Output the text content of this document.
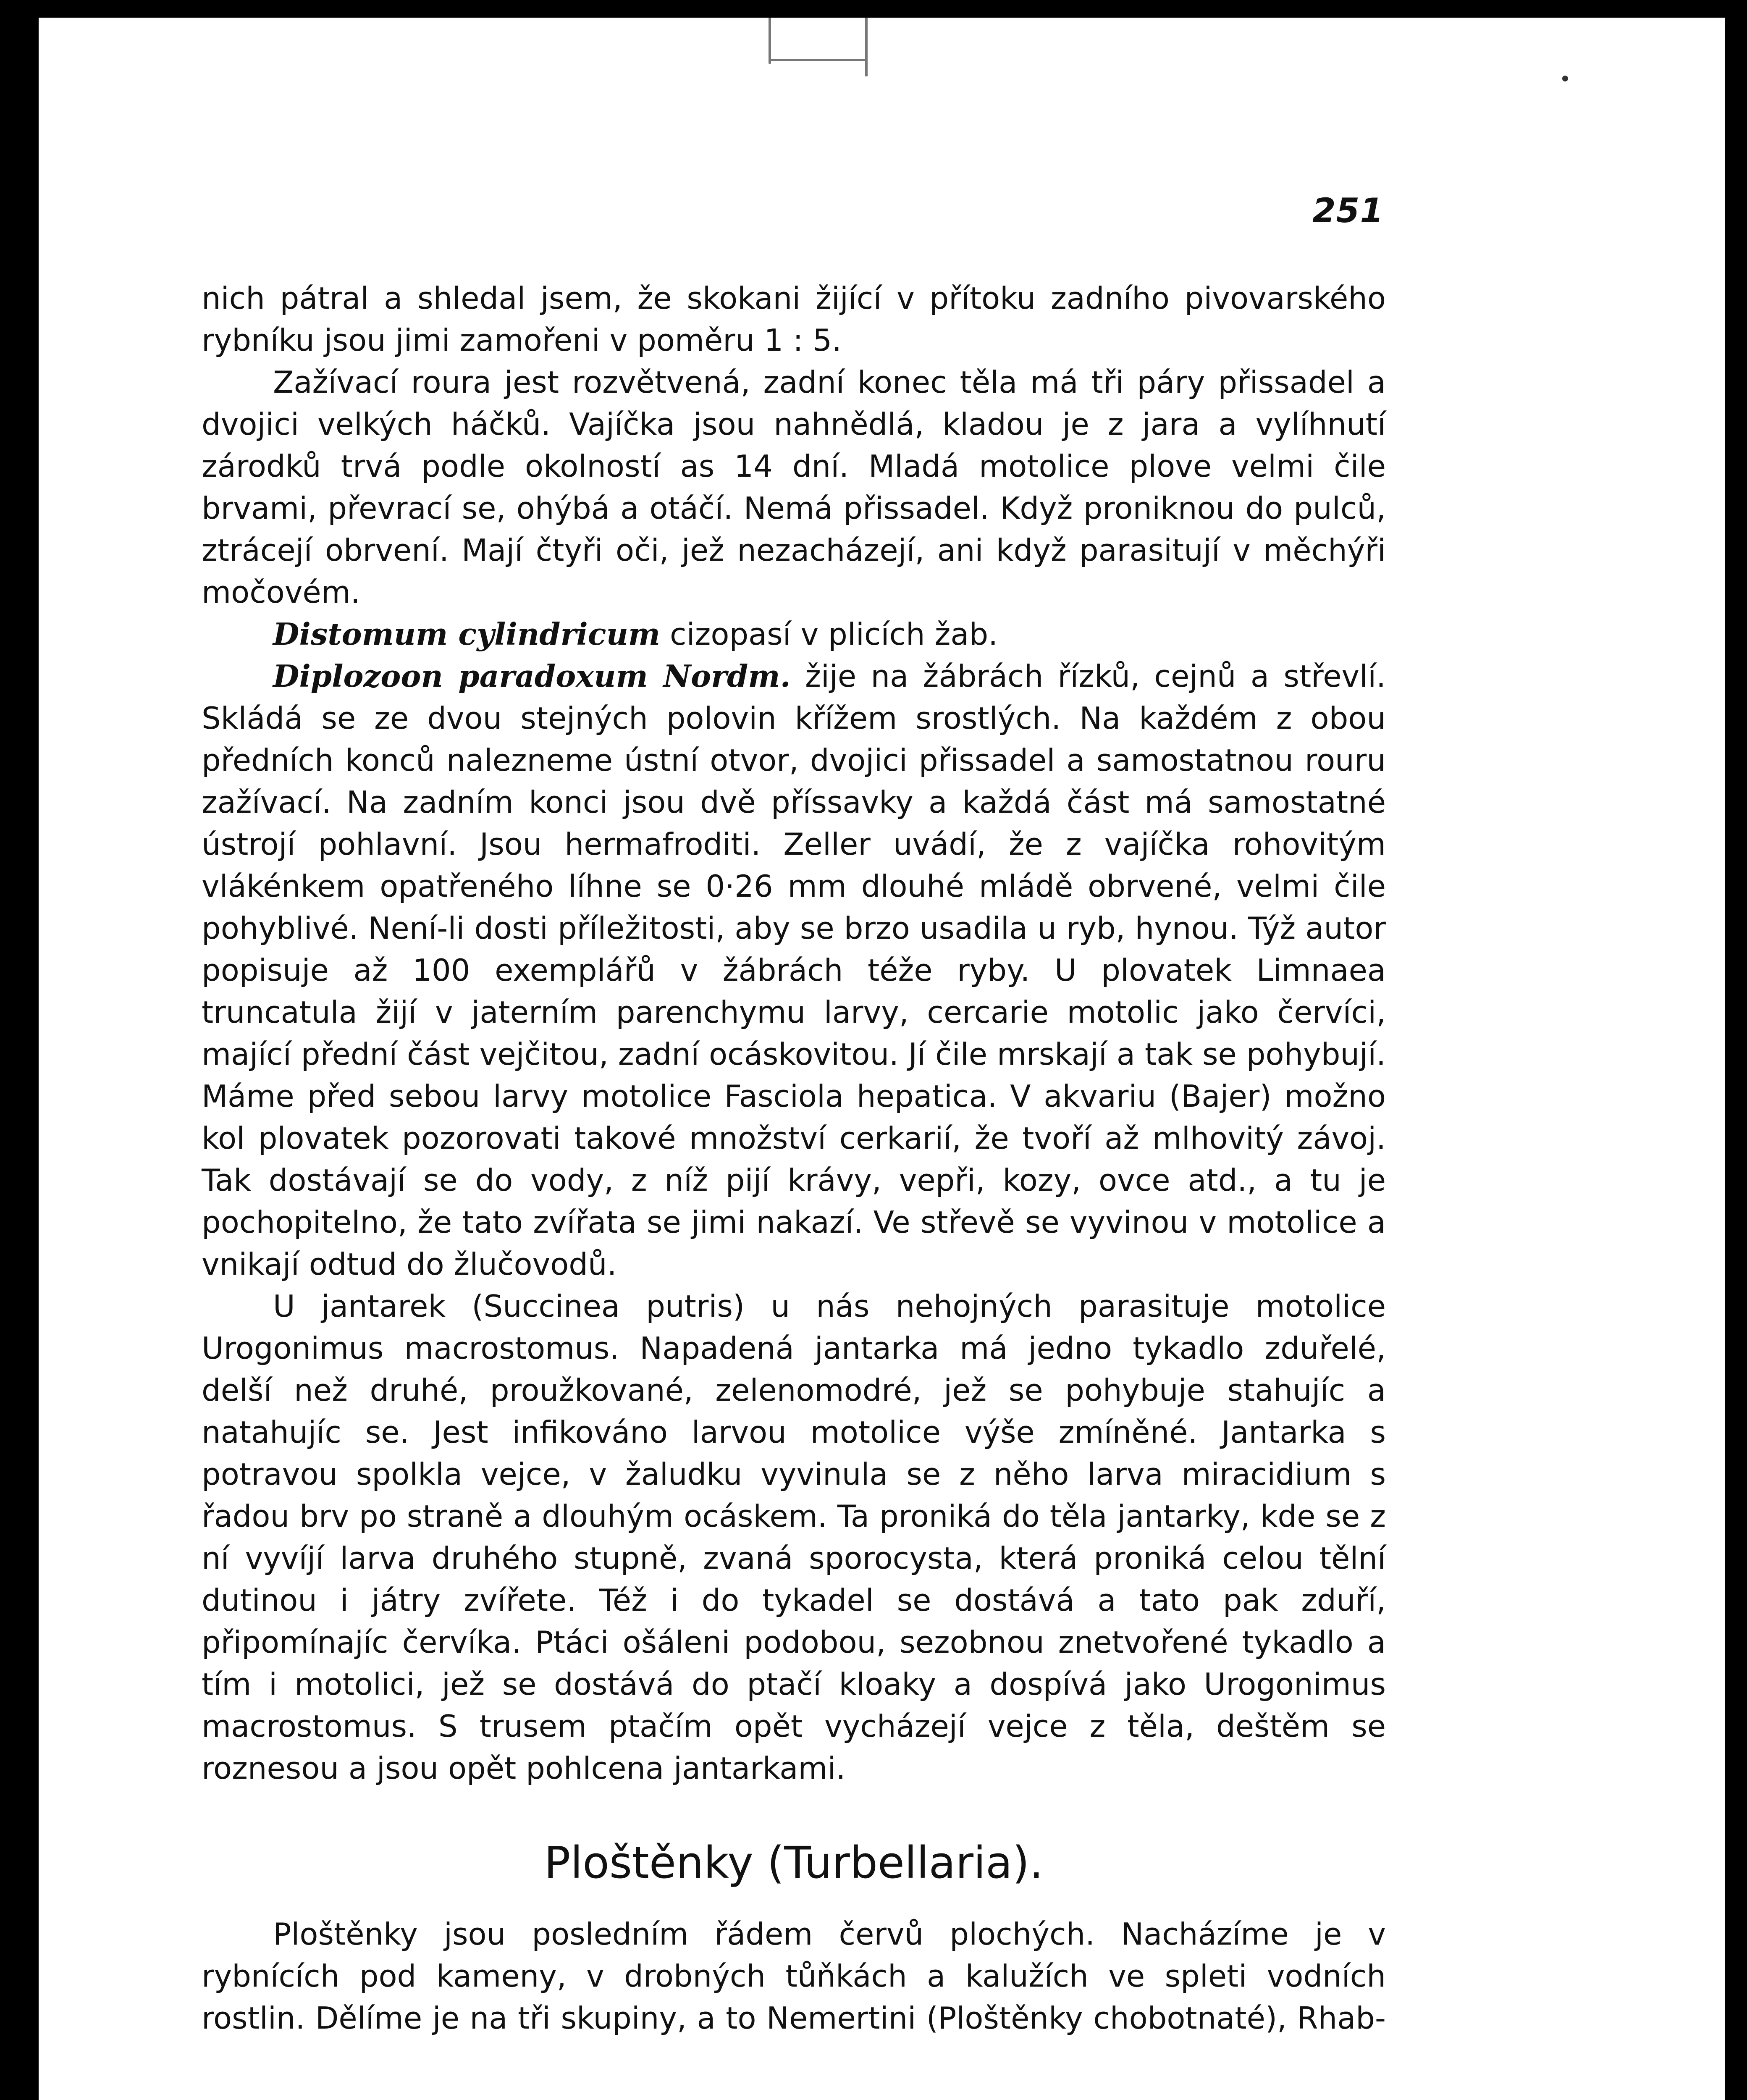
251

nich pátral a shledal jsem, že skokani žijící v přítoku zadního pivovarského rybníku jsou jimi zamořeni v poměru 1 : 5.

Zažívací roura jest rozvětvená, zadní konec těla má tři páry přissadel a dvojici velkých háčků. Vajíčka jsou nahnědlá, kladou je z jara a vylíhnutí zárodků trvá podle okolností as 14 dní. Mladá motolice plove velmi čile brvami, převrací se, ohýbá a otáčí. Nemá přissadel. Když proniknou do pulců, ztrácejí obrvení. Mají čtyři oči, jež nezacházejí, ani když parasitují v měchýři močovém.

Distomum cylindricum cizopasí v plicích žab.

Diplozoon paradoxum Nordm. žije na žábrách řízků, cejnů a střevlí. Skládá se ze dvou stejných polovin křížem srostlých. Na každém z obou předních konců nalezneme ústní otvor, dvojici přissadel a samostatnou rouru zažívací. Na zadním konci jsou dvě příssavky a každá část má samostatné ústrojí pohlavní. Jsou hermafroditi. Zeller uvádí, že z vajíčka rohovitým vlákénkem opatřeného líhne se 0·26 mm dlouhé mládě obrvené, velmi čile pohyblivé. Není-li dosti příležitosti, aby se brzo usadila u ryb, hynou. Týž autor popisuje až 100 exemplářů v žábrách téže ryby. U plovatek Limnaea truncatula žijí v jaterním parenchymu larvy, cercarie motolic jako červíci, mající přední část vejčitou, zadní ocáskovitou. Jí čile mrskají a tak se pohybují. Máme před sebou larvy motolice Fasciola hepatica. V akvariu (Bajer) možno kol plovatek pozorovati takové množství cerkarií, že tvoří až mlhovitý závoj. Tak dostávají se do vody, z níž pijí krávy, vepři, kozy, ovce atd., a tu je pochopitelno, že tato zvířata se jimi nakazí. Ve střevě se vyvinou v motolice a vnikají odtud do žlučovodů.

U jantarek (Succinea putris) u nás nehojných parasituje motolice Urogonimus macrostomus. Napadená jantarka má jedno tykadlo zduřelé, delší než druhé, proužkované, zelenomodré, jež se pohybuje stahujíc a natahujíc se. Jest infikováno larvou motolice výše zmíněné. Jantarka s potravou spolkla vejce, v žaludku vyvinula se z něho larva miracidium s řadou brv po straně a dlouhým ocáskem. Ta proniká do těla jantarky, kde se z ní vyvíjí larva druhého stupně, zvaná sporocysta, která proniká celou tělní dutinou i játry zvířete. Též i do tykadel se dostává a tato pak zduří, připomínajíc červíka. Ptáci ošáleni podobou, sezobnou znetvořené tykadlo a tím i motolici, jež se dostává do ptačí kloaky a dospívá jako Urogonimus macrostomus. S trusem ptačím opět vycházejí vejce z těla, deštěm se roznesou a jsou opět pohlcena jantarkami.

Ploštěnky (Turbellaria).

Ploštěnky jsou posledním řádem červů plochých. Nacházíme je v rybnících pod kameny, v drobných tůňkách a kalužích ve spleti vodních rostlin. Dělíme je na tři skupiny, a to Nemertini (Ploštěnky chobotnaté), Rhab-
